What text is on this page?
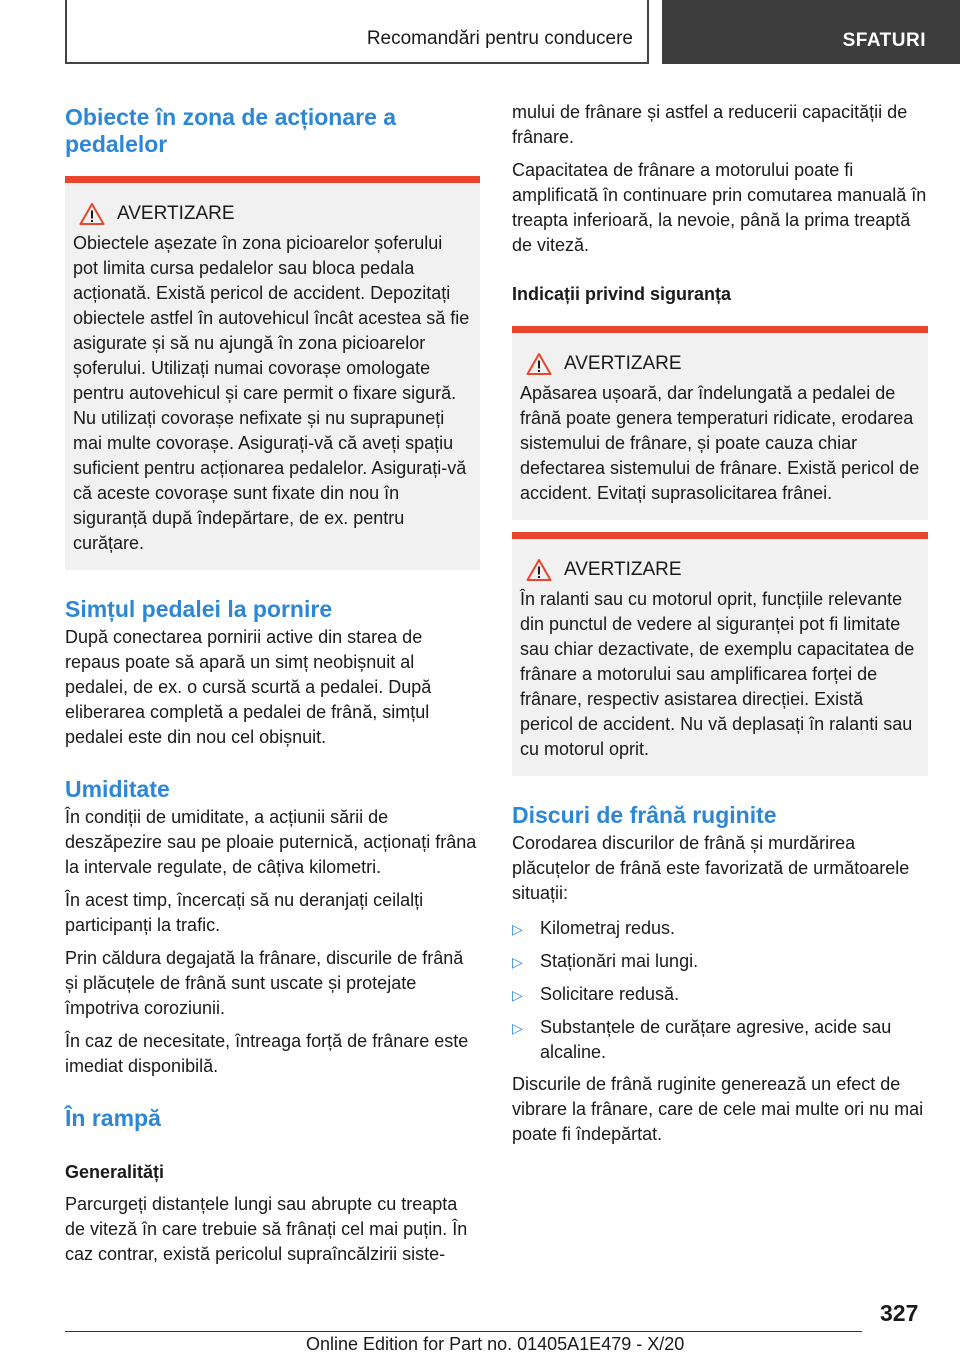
Recomandări pentru conducere	SFATURI
Obiecte în zona de acționare a pedalelor
AVERTIZARE

Obiectele așezate în zona picioarelor șoferului pot limita cursa pedalelor sau bloca pedala acționată. Există pericol de accident. Depozitați obiectele astfel în autovehicul încât acestea să fie asigurate și să nu ajungă în zona picioarelor șoferului. Utilizați numai covorașe omologate pentru autovehicul și care permit o fixare sigură. Nu utilizați covorașe nefixate și nu suprapuneți mai multe covorașe. Asigurați-vă că aveți spațiu suficient pentru acționarea pedalelor. Asigurați-vă că aceste covorașe sunt fixate din nou în siguranță după îndepărtare, de ex. pentru curățare.

Simțul pedalei la pornire

După conectarea pornirii active din starea de repaus poate să apară un simț neobișnuit al pedalei, de ex. o cursă scurtă a pedalei. După eliberarea completă a pedalei de frână, simțul pedalei este din nou cel obișnuit.

Umiditate

În condiții de umiditate, a acțiunii sării de deszăpezire sau pe ploaie puternică, acționați frâna la intervale regulate, de câțiva kilometri.

În acest timp, încercați să nu deranjați ceilalți participanți la trafic.

Prin căldura degajată la frânare, discurile de frână și plăcuțele de frână sunt uscate și protejate împotriva coroziunii.

În caz de necesitate, întreaga forță de frânare este imediat disponibilă.

În rampă
Generalități

Parcurgeți distanțele lungi sau abrupte cu treapta de viteză în care trebuie să frânați cel mai puțin. În caz contrar, există pericolul supraîncălzirii siste-

mului de frânare și astfel a reducerii capacității de frânare.

Capacitatea de frânare a motorului poate fi amplificată în continuare prin comutarea manuală în treapta inferioară, la nevoie, până la prima treaptă de viteză.

Indicații privind siguranța
AVERTIZARE

Apăsarea ușoară, dar îndelungată a pedalei de frână poate genera temperaturi ridicate, erodarea sistemului de frânare, și poate cauza chiar defectarea sistemului de frânare. Există pericol de accident. Evitați suprasolicitarea frânei.

AVERTIZARE

În ralanti sau cu motorul oprit, funcțiile relevante din punctul de vedere al siguranței pot fi limitate sau chiar dezactivate, de exemplu capacitatea de frânare a motorului sau amplificarea forței de frânare, respectiv asistarea direcției. Există pericol de accident. Nu vă deplasați în ralanti sau cu motorul oprit.

Discuri de frână ruginite

Corodarea discurilor de frână și murdărirea plăcuțelor de frână este favorizată de următoarele situații:

▷ Kilometraj redus.
▷ Staționări mai lungi.
▷ Solicitare redusă.
▷ Substanțele de curățare agresive, acide sau alcaline.

Discurile de frână ruginite generează un efect de vibrare la frânare, care de cele mai multe ori nu mai poate fi îndepărtat.

327
Online Edition for Part no. 01405A1E479 - X/20
